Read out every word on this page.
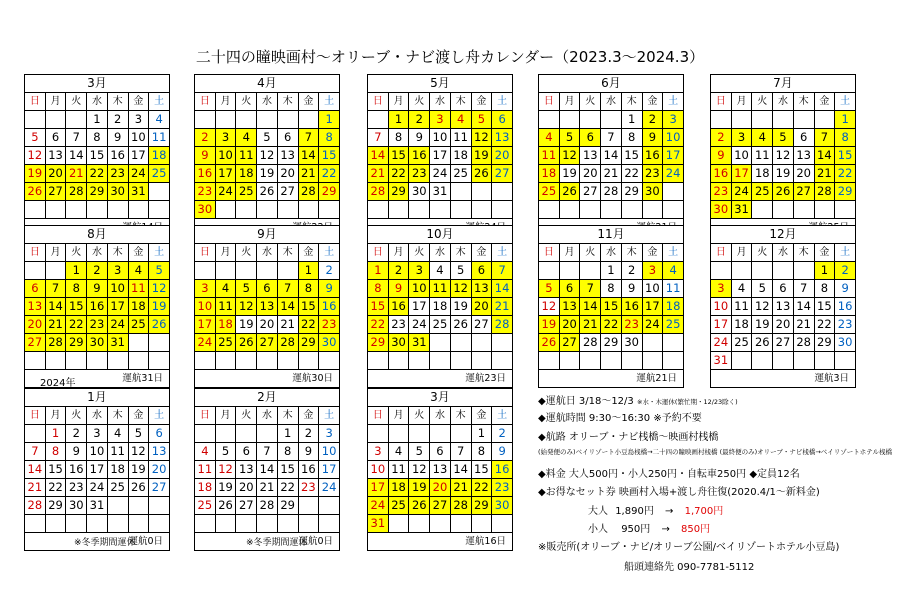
二十四の瞳映画村～オリーブ・ナビ渡し舟カレンダー（2023.3～2024.3）
3月						
日	月	火	水	木	金	土
			1	2	3	4
5	6	7	8	9	10	11
12	13	14	15	16	17	18
19	20	21	22	23	24	25
26	27	28	29	30	31	

4月						
日	月	火	水	木	金	土
						1
2	3	4	5	6	7	8
9	10	11	12	13	14	15
16	17	18	19	20	21	22
23	24	25	26	27	28	29
30						

5月						
日	月	火	水	木	金	土
	1	2	3	4	5	6
7	8	9	10	11	12	13
14	15	16	17	18	19	20
21	22	23	24	25	26	27
28	29	30	31			

6月						
日	月	火	水	木	金	土
				1	2	3
4	5	6	7	8	9	10
11	12	13	14	15	16	17
18	19	20	21	22	23	24
25	26	27	28	29	30	

7月						
日	月	火	水	木	金	土
						1
2	3	4	5	6	7	8
9	10	11	12	13	14	15
16	17	18	19	20	21	22
23	24	25	26	27	28	29
30	31					

8月						
日	月	火	水	木	金	土
		1	2	3	4	5
6	7	8	9	10	11	12
13	14	15	16	17	18	19
20	21	22	23	24	25	26
27	28	29	30	31		

運航31日						
9月						
日	月	火	水	木	金	土
					1	2
3	4	5	6	7	8	9
10	11	12	13	14	15	16
17	18	19	20	21	22	23
24	25	26	27	28	29	30

運航30日						
10月						
日	月	火	水	木	金	土
1	2	3	4	5	6	7
8	9	10	11	12	13	14
15	16	17	18	19	20	21
22	23	24	25	26	27	28
29	30	31				

運航23日						
11月						
日	月	火	水	木	金	土
			1	2	3	4
5	6	7	8	9	10	11
12	13	14	15	16	17	18
19	20	21	22	23	24	25
26	27	28	29	30		

運航21日						
12月						
日	月	火	水	木	金	土
					1	2
3	4	5	6	7	8	9
10	11	12	13	14	15	16
17	18	19	20	21	22	23
24	25	26	27	28	29	30
31						
運航3日						
1月						
日	月	火	水	木	金	土
	1	2	3	4	5	6
7	8	9	10	11	12	13
14	15	16	17	18	19	20
21	22	23	24	25	26	27
28	29	30	31			

運航0日						
2月						
日	月	火	水	木	金	土
				1	2	3
4	5	6	7	8	9	10
11	12	13	14	15	16	17
18	19	20	21	22	23	24
25	26	27	28	29		

運航0日						
3月						
日	月	火	水	木	金	土
					1	2
3	4	5	6	7	8	9
10	11	12	13	14	15	16
17	18	19	20	21	22	23
24	25	26	27	28	29	30
31						
運航16日						
2024年
※冬季期間運休	※冬季期間運休
◆運航日 3/18～12/3 ※水・木運休(繁忙期・12/23除く)
◆運航時間 9:30～16:30 ※予約不要
◆航路 オリーブ・ナビ桟橋～映画村桟橋
(始発便のみ)ベイリゾート小豆島桟橋→二十四の瞳映画村桟橋 (最終便のみ)オリーブ・ナビ桟橋→ベイリゾートホテル桟橋
◆料金 大人500円・小人250円・自転車250円 ◆定員12名
◆お得なセット券 映画村入場+渡し舟往復(2020.4/1～新料金)
大人 1,890円 → 1,700円
小人 950円 → 850円
※販売所(オリーブ・ナビ/オリーブ公園/ベイリゾートホテル小豆島)
船頭連絡先 090-7781-5112
